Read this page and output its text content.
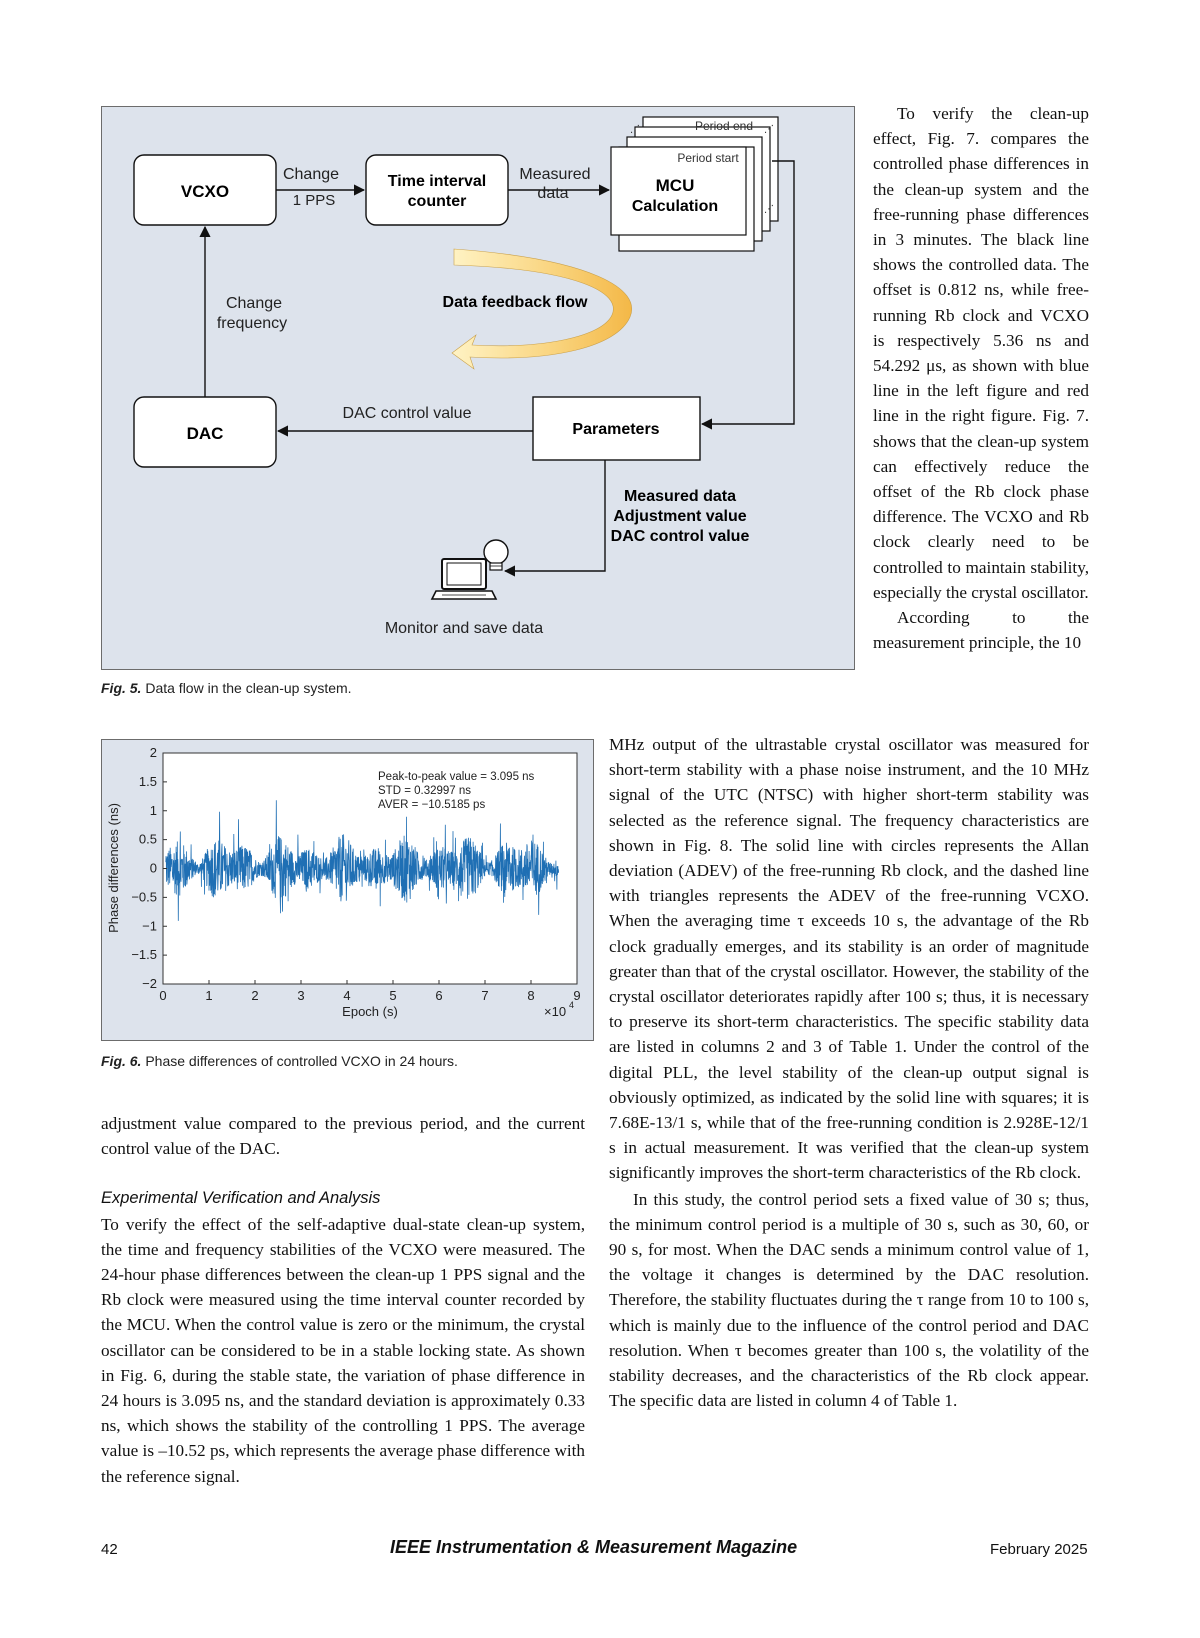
VCXO
Time interval
counter
Period end
Period start
MCU
Calculation
⋰	⋰
⋰
DAC	Parameters
Change
1 PPS
Measured
data
Change
frequency
DAC control value
Data feedback flow
Measured data
Adjustment value
DAC control value
Monitor and save data
Fig. 5. Data flow in the clean-up system.
0	1	2	3	4	5	6	7	8	9
2
1.5
1
0.5
0
−0.5
−1
−1.5
−2
Peak-to-peak value = 3.095 ns
STD = 0.32997 ns
AVER = −10.5185 ps
Epoch (s)
Phase differences (ns)
×10 4
Fig. 6. Phase differences of controlled VCXO in 24 hours.

To verify the clean-up effect, Fig. 7. compares the controlled phase differences in the clean-up system and the free-running phase differences in 3 minutes. The black line shows the controlled data. The offset is 0.812 ns, while free-running Rb clock and VCXO is respectively 5.36 ns and 54.292 μs, as shown with blue line in the left figure and red line in the right figure. Fig. 7. shows that the clean-up system can effectively reduce the offset of the Rb clock phase difference. The VCXO and Rb clock clearly need to be controlled to maintain stability, especially the crystal oscillator.

According to the measurement principle, the 10

MHz output of the ultrastable crystal oscillator was measured for short-term stability with a phase noise instrument, and the 10 MHz signal of the UTC (NTSC) with higher short-term stability was selected as the reference signal. The frequency characteristics are shown in Fig. 8. The solid line with circles represents the Allan deviation (ADEV) of the free-running Rb clock, and the dashed line with triangles represents the ADEV of the free-running VCXO. When the averaging time τ exceeds 10 s, the advantage of the Rb clock gradually emerges, and its stability is an order of magnitude greater than that of the crystal oscillator. However, the stability of the crystal oscillator deteriorates rapidly after 100 s; thus, it is necessary to preserve its short-term characteristics. The specific stability data are listed in columns 2 and 3 of Table 1. Under the control of the digital PLL, the level stability of the clean-up output signal is obviously optimized, as indicated by the solid line with squares; it is 7.68E-13/1 s, while that of the free-running condition is 2.928E-12/1 s in actual measurement. It was verified that the clean-up system significantly improves the short-term characteristics of the Rb clock.

In this study, the control period sets a fixed value of 30 s; thus, the minimum control period is a multiple of 30 s, such as 30, 60, or 90 s, for most. When the DAC sends a minimum control value of 1, the voltage it changes is determined by the DAC resolution. Therefore, the stability fluctuates during the τ range from 10 to 100 s, which is mainly due to the influence of the control period and DAC resolution. When τ becomes greater than 100 s, the volatility of the stability decreases, and the characteristics of the Rb clock appear. The specific data are listed in column 4 of Table 1.

adjustment value compared to the previous period, and the current control value of the DAC.

Experimental Verification and Analysis

To verify the effect of the self-adaptive dual-state clean-up system, the time and frequency stabilities of the VCXO were measured. The 24-hour phase differences between the clean-up 1 PPS signal and the Rb clock were measured using the time interval counter recorded by the MCU. When the control value is zero or the minimum, the crystal oscillator can be considered to be in a stable locking state. As shown in Fig. 6, during the stable state, the variation of phase difference in 24 hours is 3.095 ns, and the standard deviation is approximately 0.33 ns, which shows the stability of the controlling 1 PPS. The average value is –10.52 ps, which represents the average phase difference with the reference signal.

42	IEEE Instrumentation & Measurement Magazine	February 2025
